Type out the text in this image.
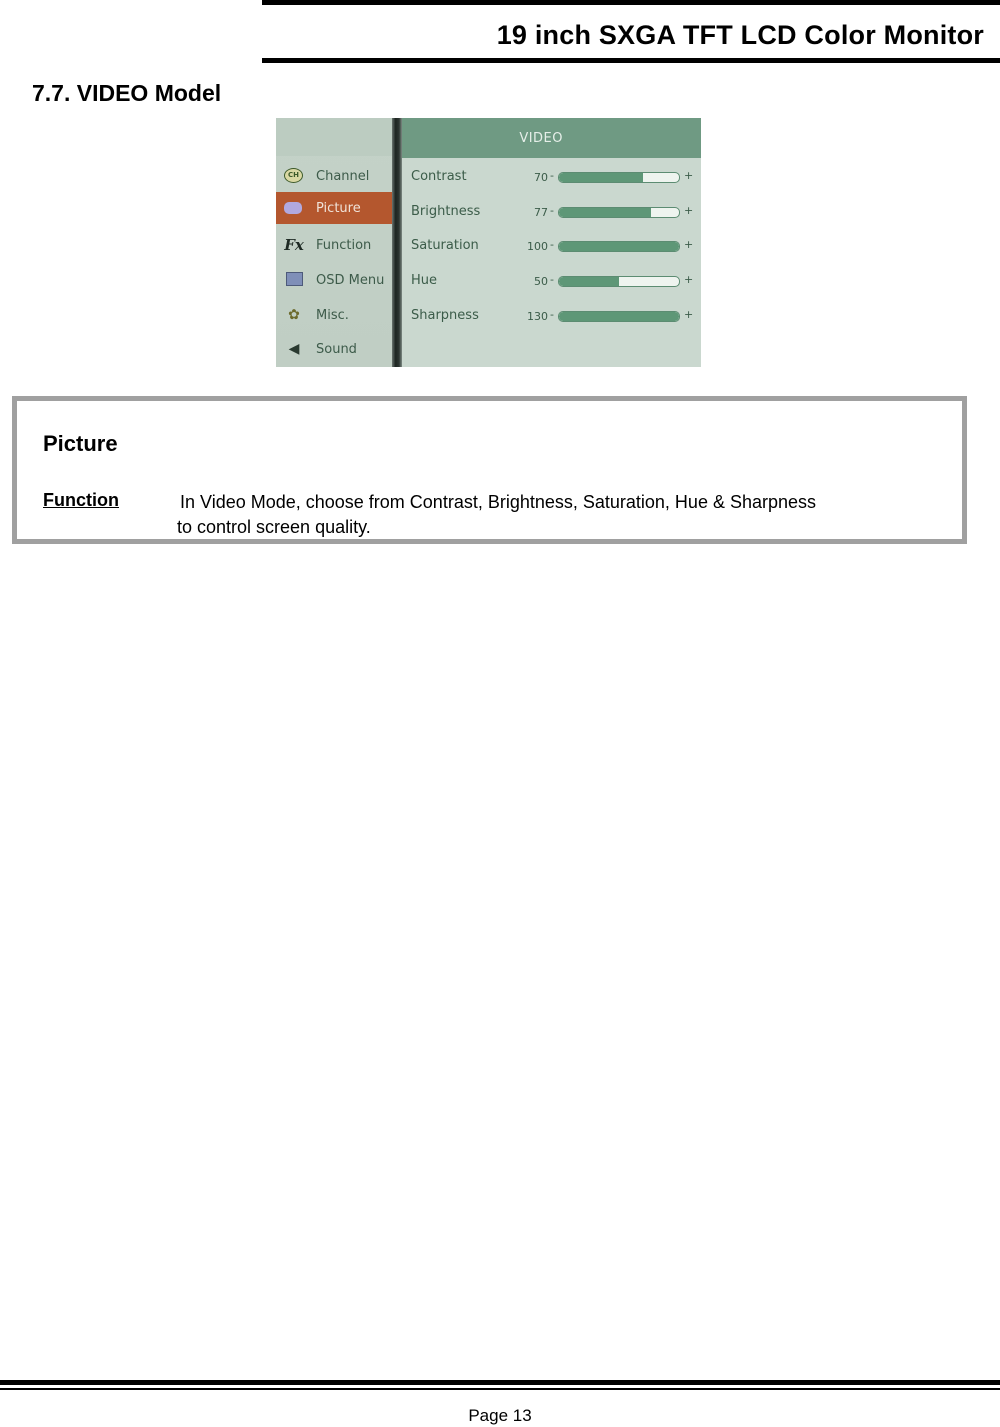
19 inch SXGA TFT LCD Color Monitor
7.7. VIDEO Model
CH	Channel
Picture
Fx Function
OSD Menu
✿	Misc.
◀	Sound
VIDEO
Contrast	70 -	+
Brightness	77 -	+
Saturation	100 -	+
Hue	50 -	+
Sharpness	130 -	+
Picture
Function	In Video Mode, choose from Contrast, Brightness, Saturation, Hue & Sharpness
to control screen quality.
Page 13
